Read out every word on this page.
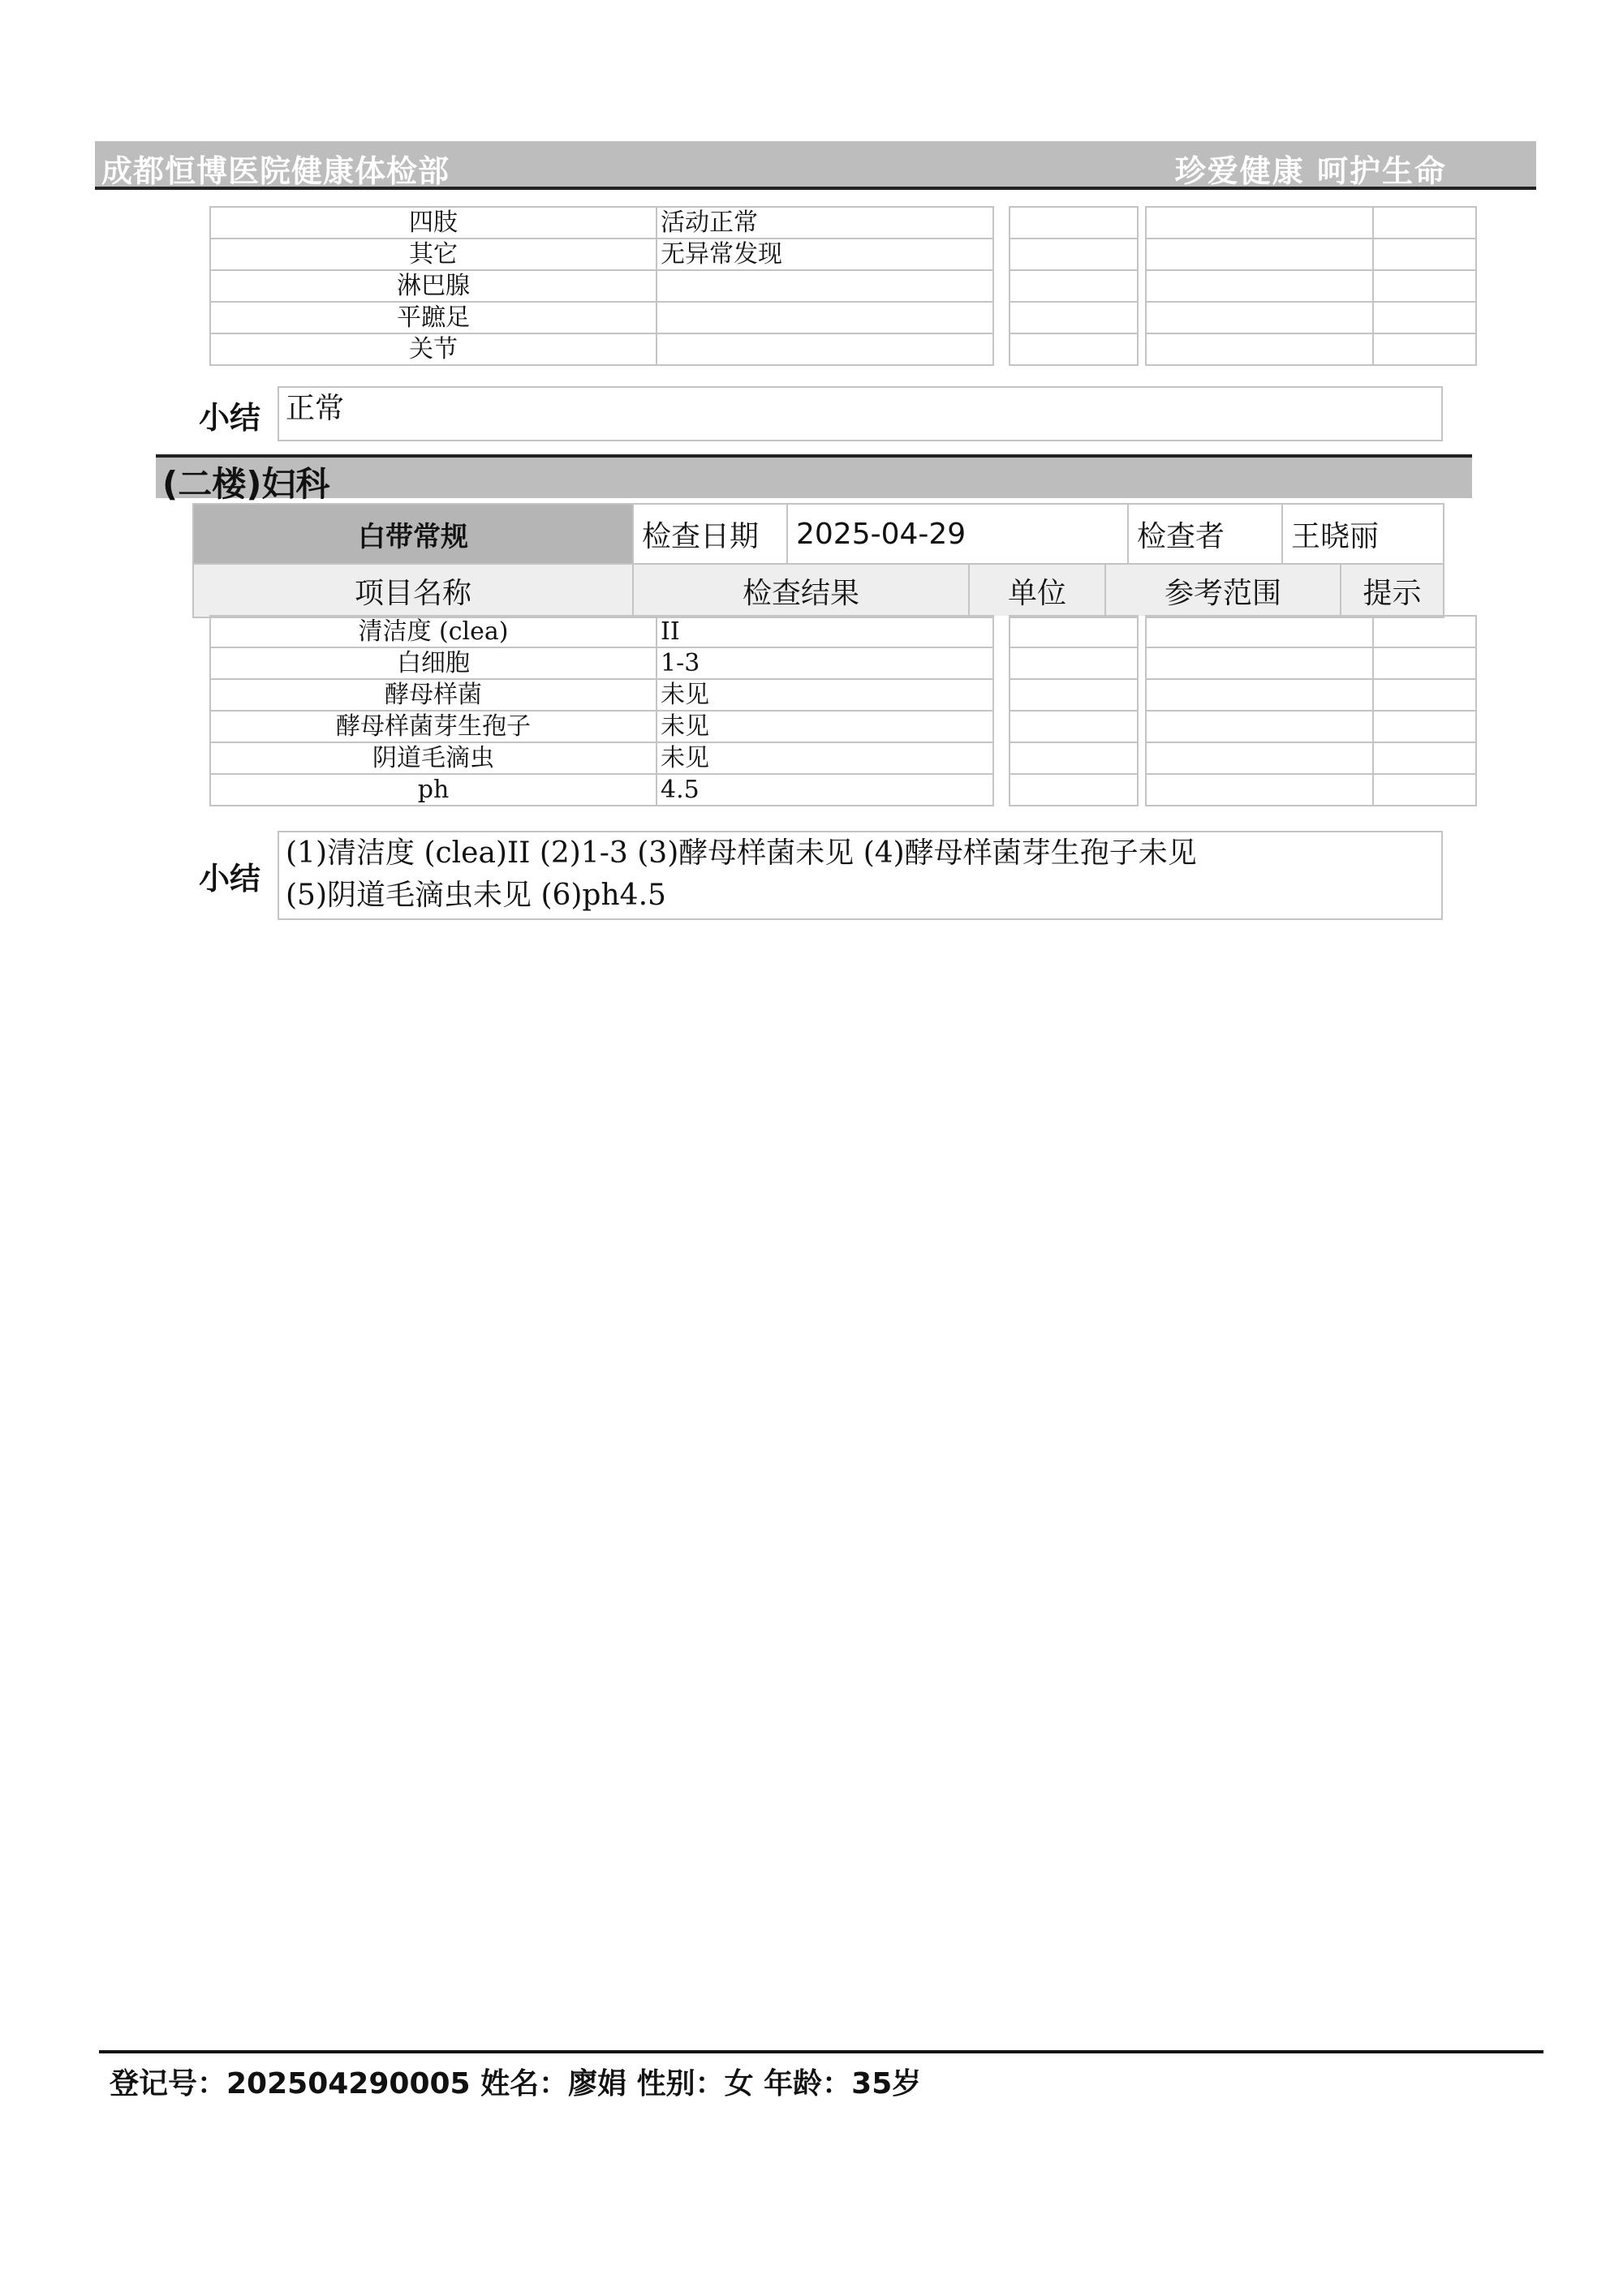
成都恒博医院健康体检部	珍爱健康 呵护生命
四肢	活动正常					
其它	无异常发现					
淋巴腺						
平蹠足						
关节						
小结 正常
(二楼)妇科
白带常规	检查日期	2025-04-29	检查者	王晓丽
项目名称	检查结果	单位	参考范围	提示
清洁度 (clea)	II					
白细胞	1-3					
酵母样菌	未见					
酵母样菌芽生孢子	未见					
阴道毛滴虫	未见					
ph	4.5					
小结
(1)清洁度 (clea)II (2)1-3 (3)酵母样菌未见 (4)酵母样菌芽生孢子未见
(5)阴道毛滴虫未见 (6)ph4.5
登记号：202504290005 姓名：廖娟 性别：女 年龄：35岁
